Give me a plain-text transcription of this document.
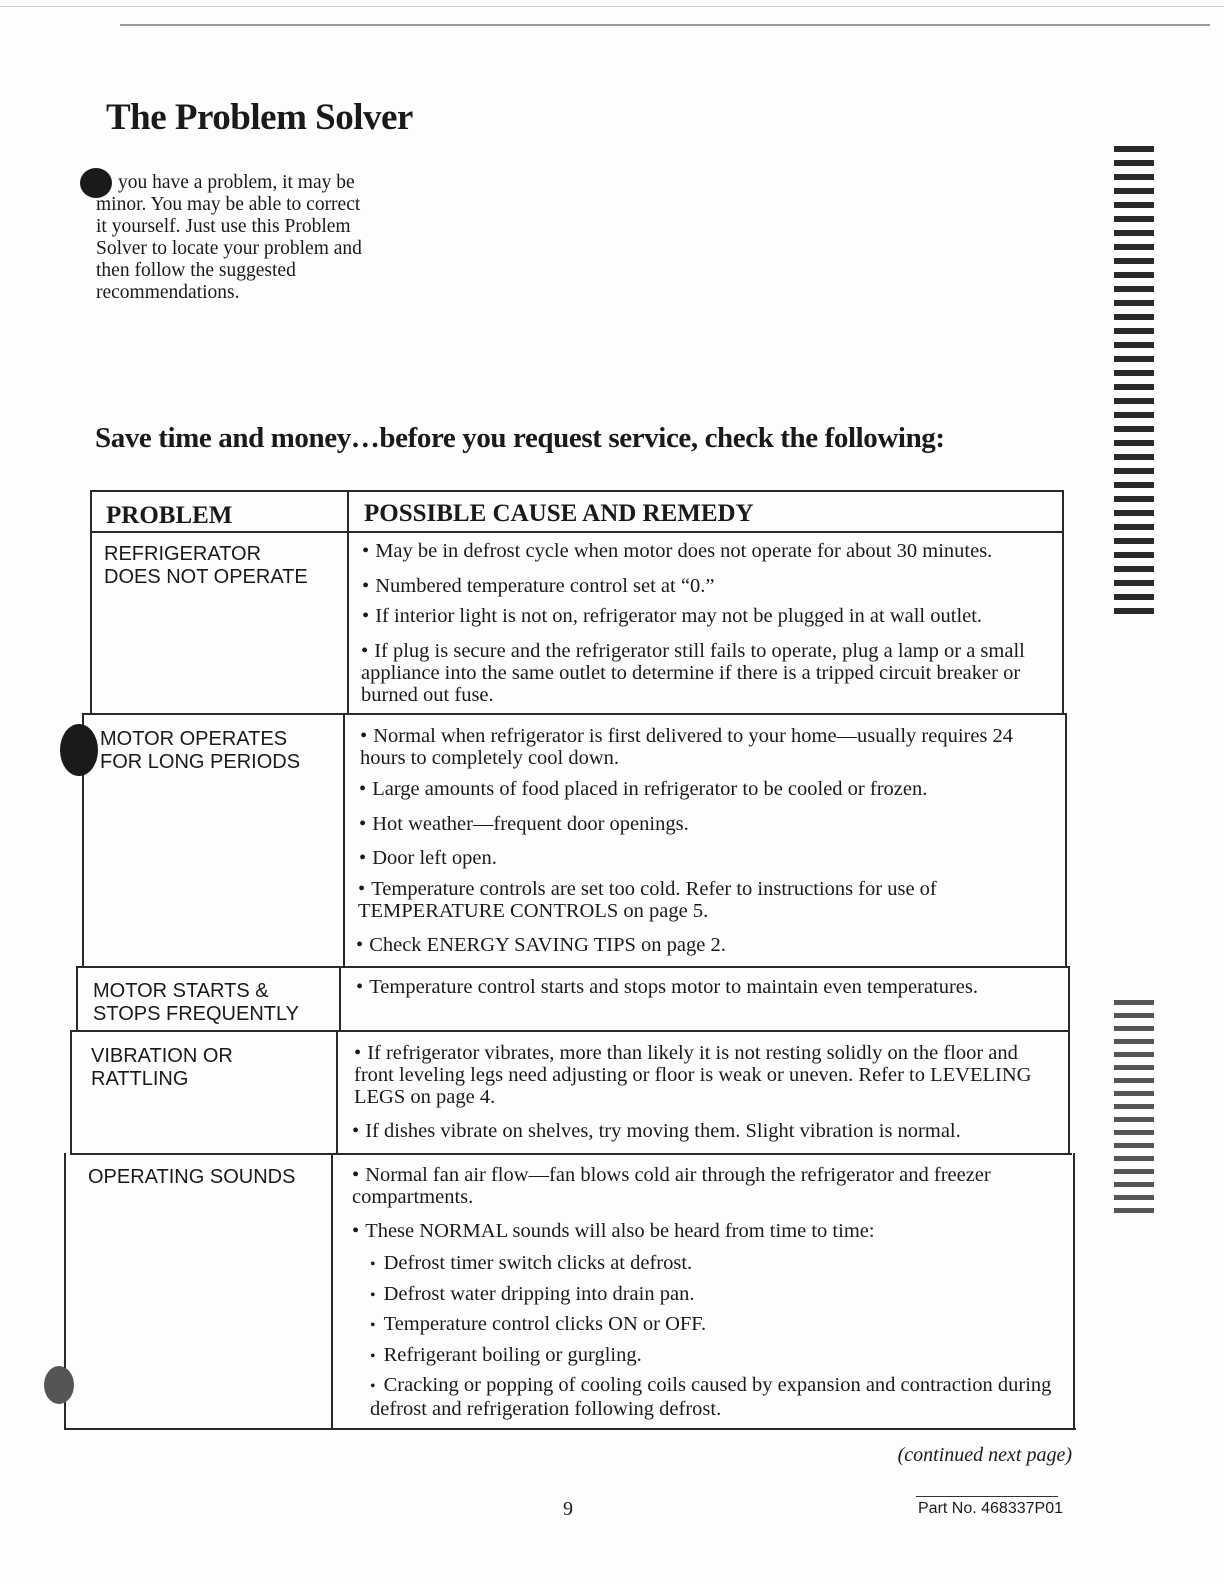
The Problem Solver
you have a problem, it may be
minor. You may be able to correct
it yourself. Just use this Problem
Solver to locate your problem and
then follow the suggested
recommendations.
Save time and money…before you request service, check the following:
PROBLEM	POSSIBLE CAUSE AND REMEDY
REFRIGERATOR
DOES NOT OPERATE
• May be in defrost cycle when motor does not operate for about 30 minutes.
• Numbered temperature control set at “0.”
• If interior light is not on, refrigerator may not be plugged in at wall outlet.
• If plug is secure and the refrigerator still fails to operate, plug a lamp or a small appliance into the same outlet to determine if there is a tripped circuit breaker or burned out fuse.
MOTOR OPERATES
FOR LONG PERIODS
• Normal when refrigerator is first delivered to your home—usually requires 24 hours to completely cool down.
• Large amounts of food placed in refrigerator to be cooled or frozen.
• Hot weather—frequent door openings.
• Door left open.
• Temperature controls are set too cold. Refer to instructions for use of TEMPERATURE CONTROLS on page 5.
• Check ENERGY SAVING TIPS on page 2.
MOTOR STARTS &
STOPS FREQUENTLY
• Temperature control starts and stops motor to maintain even temperatures.
VIBRATION OR
RATTLING
• If refrigerator vibrates, more than likely it is not resting solidly on the floor and front leveling legs need adjusting or floor is weak or uneven. Refer to LEVELING LEGS on page 4.
• If dishes vibrate on shelves, try moving them. Slight vibration is normal.
OPERATING SOUNDS
•	Normal fan air flow—fan blows cold air through the refrigerator and freezer compartments.
• These NORMAL sounds will also be heard from time to time:
• Defrost timer switch clicks at defrost.
• Defrost water dripping into drain pan.
• Temperature control clicks ON or OFF.
• Refrigerant boiling or gurgling.
• Cracking or popping of cooling coils caused by expansion and contraction during defrost and refrigeration following defrost.
(continued next page)
9	Part No. 468337P01
